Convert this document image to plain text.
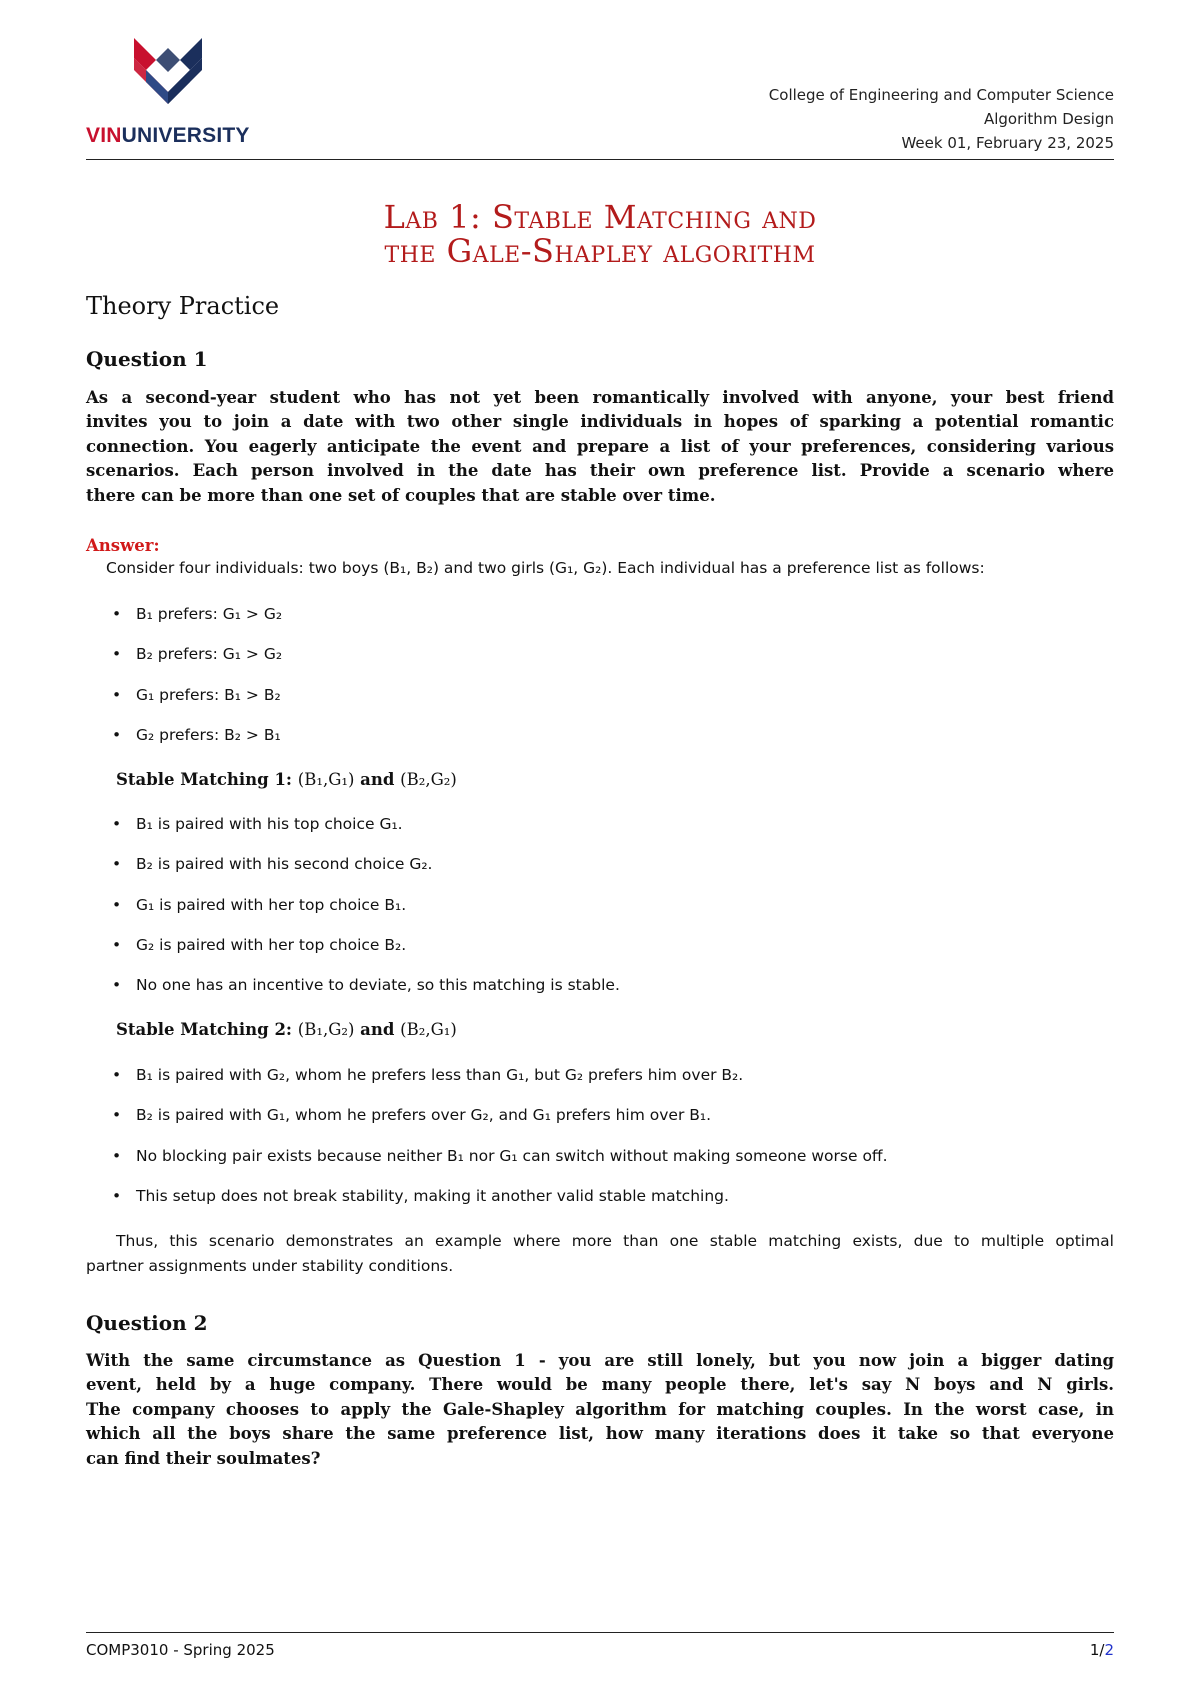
VINUNIVERSITY
College of Engineering and Computer Science
Algorithm Design
Week 01, February 23, 2025
Lab 1: Stable Matching and
the Gale-Shapley algorithm
Theory Practice
Question 1
As a second-year student who has not yet been romantically involved with anyone, your best friend
invites you to join a date with two other single individuals in hopes of sparking a potential romantic
connection. You eagerly anticipate the event and prepare a list of your preferences, considering various
scenarios. Each person involved in the date has their own preference list. Provide a scenario where
there can be more than one set of couples that are stable over time.
Answer:
Consider four individuals: two boys (B₁, B₂) and two girls (G₁, G₂). Each individual has a preference list as follows:
• B₁ prefers: G₁ > G₂
• B₂ prefers: G₁ > G₂
• G₁ prefers: B₁ > B₂
• G₂ prefers: B₂ > B₁
Stable Matching 1: (B₁,G₁) and (B₂,G₂)
• B₁ is paired with his top choice G₁.
• B₂ is paired with his second choice G₂.
• G₁ is paired with her top choice B₁.
• G₂ is paired with her top choice B₂.
• No one has an incentive to deviate, so this matching is stable.
Stable Matching 2: (B₁,G₂) and (B₂,G₁)
• B₁ is paired with G₂, whom he prefers less than G₁, but G₂ prefers him over B₂.
• B₂ is paired with G₁, whom he prefers over G₂, and G₁ prefers him over B₁.
• No blocking pair exists because neither B₁ nor G₁ can switch without making someone worse off.
• This setup does not break stability, making it another valid stable matching.
Thus, this scenario demonstrates an example where more than one stable matching exists, due to multiple optimal
partner assignments under stability conditions.
Question 2
With the same circumstance as Question 1 - you are still lonely, but you now join a bigger dating
event, held by a huge company. There would be many people there, let's say N boys and N girls.
The company chooses to apply the Gale-Shapley algorithm for matching couples. In the worst case, in
which all the boys share the same preference list, how many iterations does it take so that everyone
can find their soulmates?
COMP3010 - Spring 2025	1/2
